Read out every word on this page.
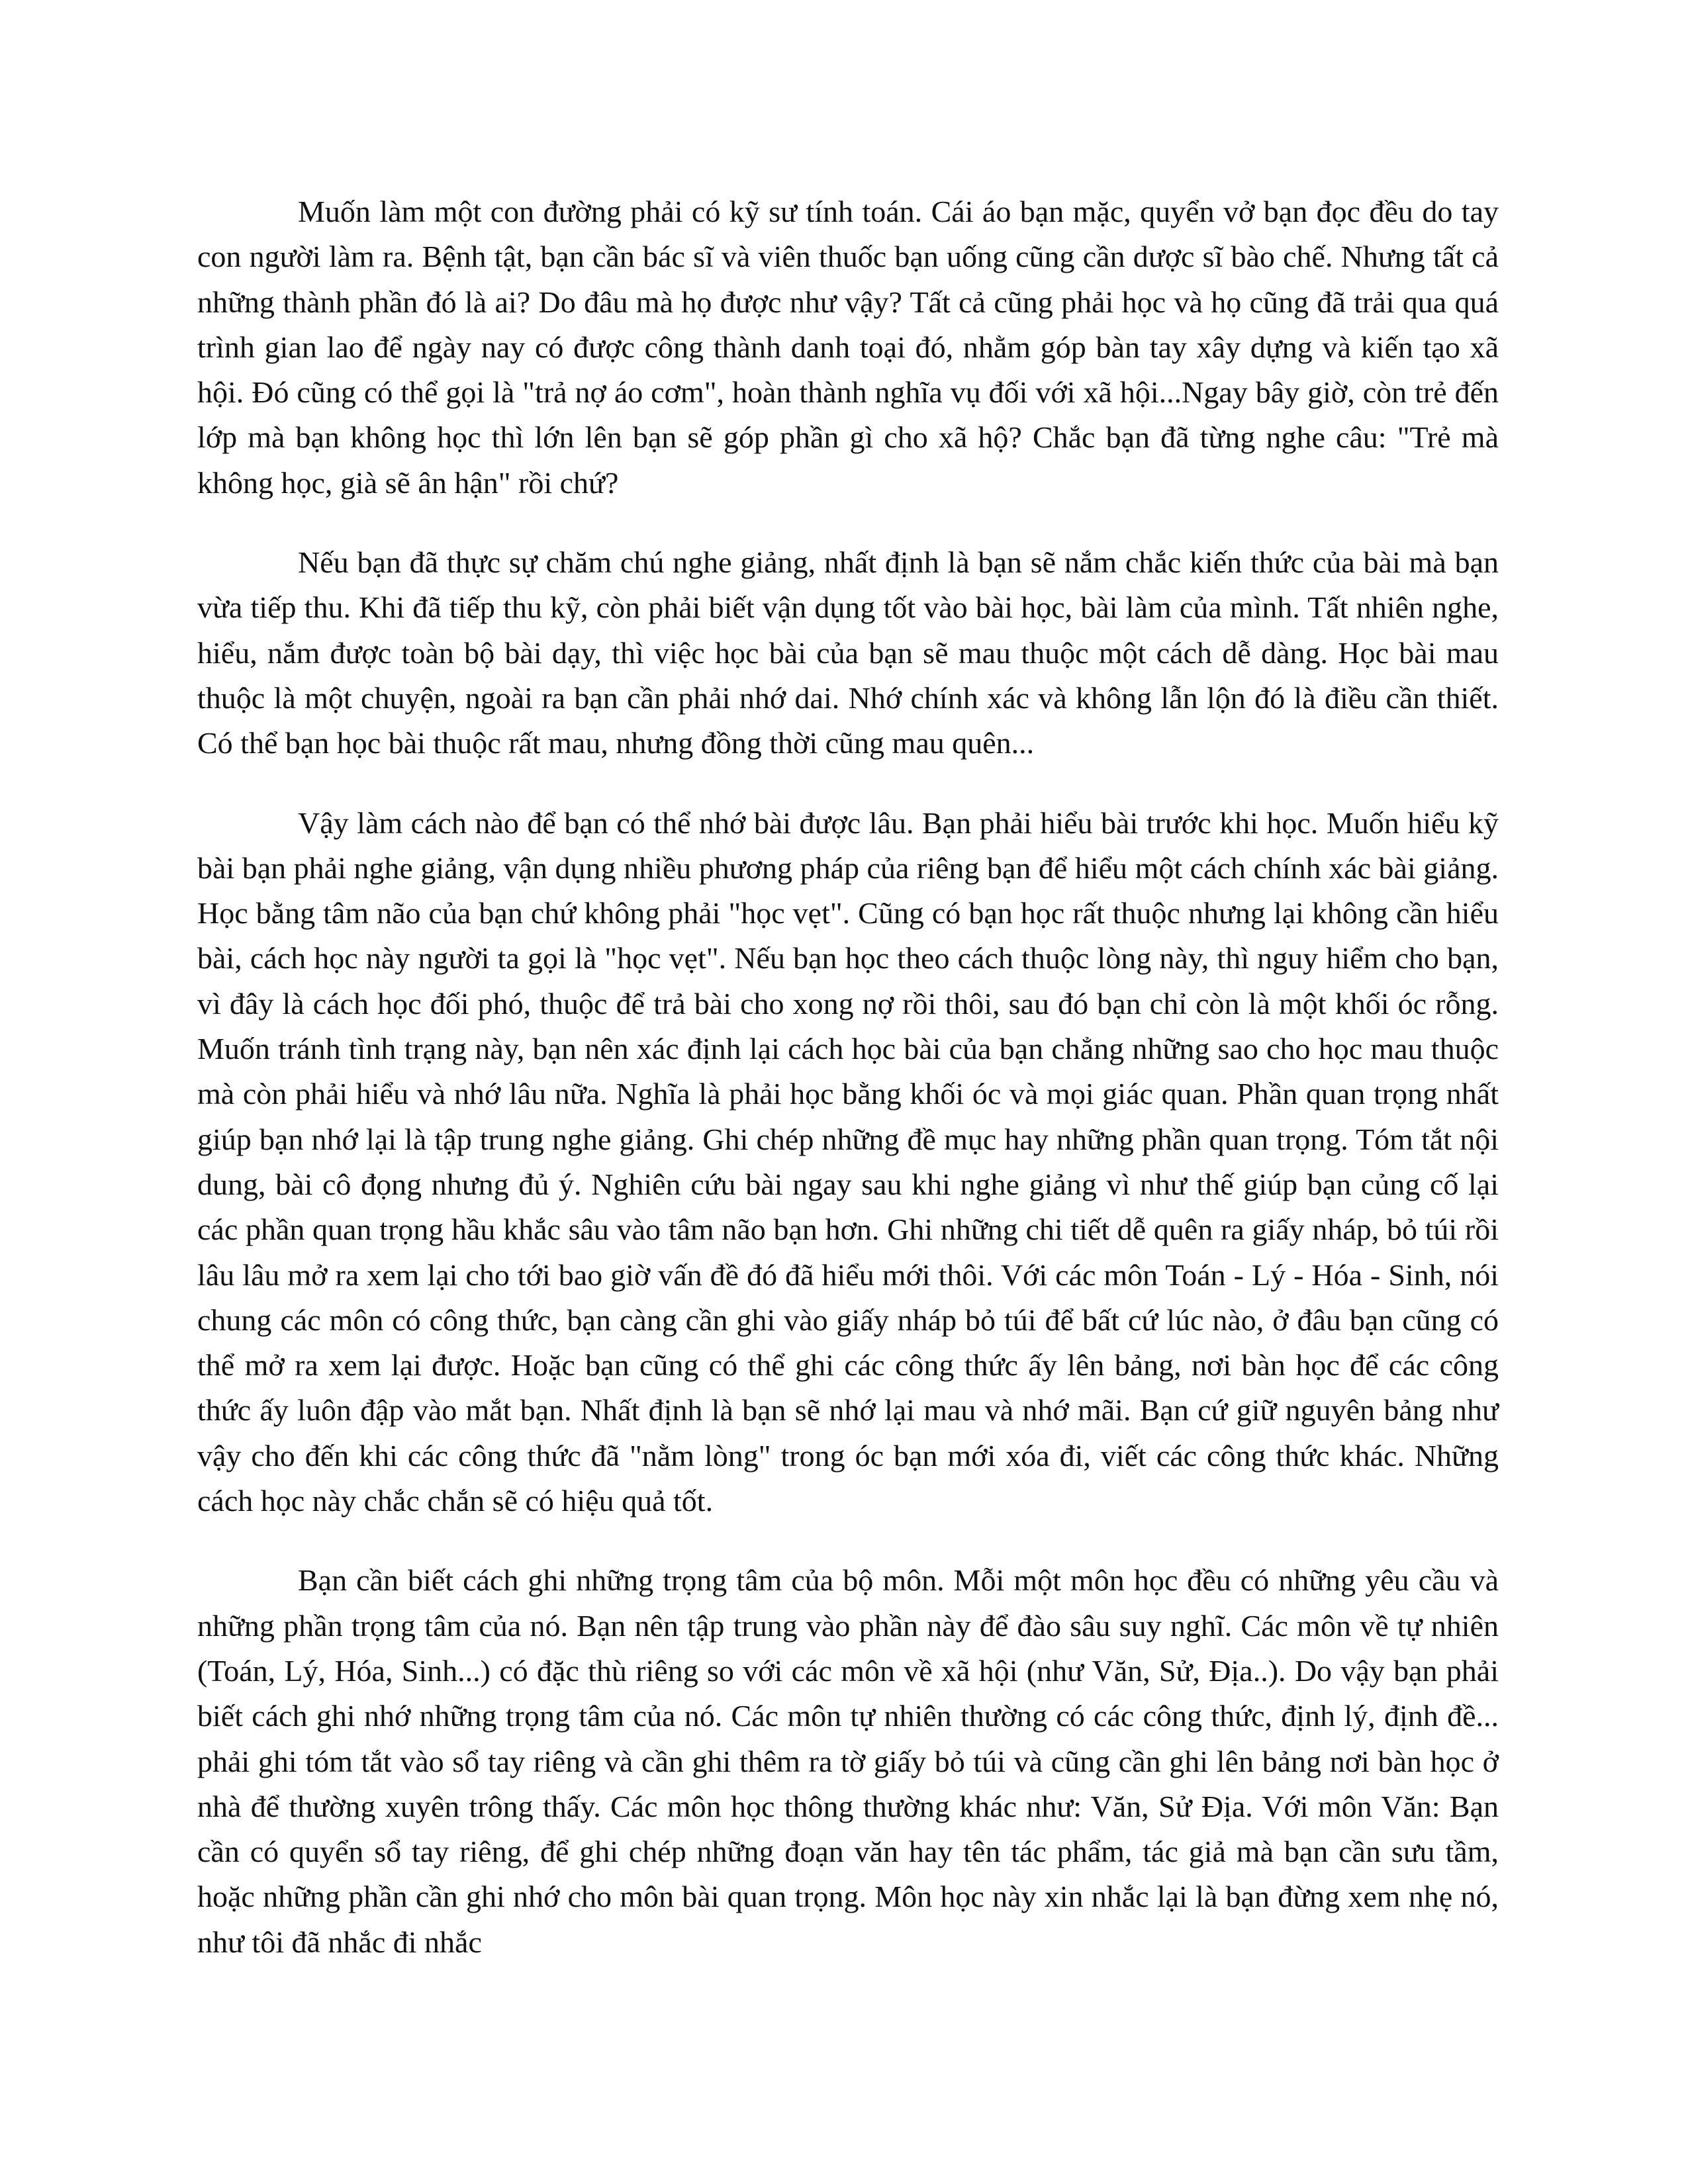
Muốn làm một con đường phải có kỹ sư tính toán. Cái áo bạn mặc, quyển vở bạn đọc đều do tay con người làm ra. Bệnh tật, bạn cần bác sĩ và viên thuốc bạn uống cũng cần dược sĩ bào chế. Nhưng tất cả những thành phần đó là ai? Do đâu mà họ được như vậy? Tất cả cũng phải học và họ cũng đã trải qua quá trình gian lao để ngày nay có được công thành danh toại đó, nhằm góp bàn tay xây dựng và kiến tạo xã hội. Đó cũng có thể gọi là "trả nợ áo cơm", hoàn thành nghĩa vụ đối với xã hội...Ngay bây giờ, còn trẻ đến lớp mà bạn không học thì lớn lên bạn sẽ góp phần gì cho xã hộ? Chắc bạn đã từng nghe câu: "Trẻ mà không học, già sẽ ân hận" rồi chứ?

Nếu bạn đã thực sự chăm chú nghe giảng, nhất định là bạn sẽ nắm chắc kiến thức của bài mà bạn vừa tiếp thu. Khi đã tiếp thu kỹ, còn phải biết vận dụng tốt vào bài học, bài làm của mình. Tất nhiên nghe, hiểu, nắm được toàn bộ bài dạy, thì việc học bài của bạn sẽ mau thuộc một cách dễ dàng. Học bài mau thuộc là một chuyện, ngoài ra bạn cần phải nhớ dai. Nhớ chính xác và không lẫn lộn đó là điều cần thiết. Có thể bạn học bài thuộc rất mau, nhưng đồng thời cũng mau quên...

Vậy làm cách nào để bạn có thể nhớ bài được lâu. Bạn phải hiểu bài trước khi học. Muốn hiểu kỹ bài bạn phải nghe giảng, vận dụng nhiều phương pháp của riêng bạn để hiểu một cách chính xác bài giảng. Học bằng tâm não của bạn chứ không phải "học vẹt". Cũng có bạn học rất thuộc nhưng lại không cần hiểu bài, cách học này người ta gọi là "học vẹt". Nếu bạn học theo cách thuộc lòng này, thì nguy hiểm cho bạn, vì đây là cách học đối phó, thuộc để trả bài cho xong nợ rồi thôi, sau đó bạn chỉ còn là một khối óc rỗng. Muốn tránh tình trạng này, bạn nên xác định lại cách học bài của bạn chẳng những sao cho học mau thuộc mà còn phải hiểu và nhớ lâu nữa. Nghĩa là phải học bằng khối óc và mọi giác quan. Phần quan trọng nhất giúp bạn nhớ lại là tập trung nghe giảng. Ghi chép những đề mục hay những phần quan trọng. Tóm tắt nội dung, bài cô đọng nhưng đủ ý. Nghiên cứu bài ngay sau khi nghe giảng vì như thế giúp bạn củng cố lại các phần quan trọng hầu khắc sâu vào tâm não bạn hơn. Ghi những chi tiết dễ quên ra giấy nháp, bỏ túi rồi lâu lâu mở ra xem lại cho tới bao giờ vấn đề đó đã hiểu mới thôi. Với các môn Toán - Lý - Hóa - Sinh, nói chung các môn có công thức, bạn càng cần ghi vào giấy nháp bỏ túi để bất cứ lúc nào, ở đâu bạn cũng có thể mở ra xem lại được. Hoặc bạn cũng có thể ghi các công thức ấy lên bảng, nơi bàn học để các công thức ấy luôn đập vào mắt bạn. Nhất định là bạn sẽ nhớ lại mau và nhớ mãi. Bạn cứ giữ nguyên bảng như vậy cho đến khi các công thức đã "nằm lòng" trong óc bạn mới xóa đi, viết các công thức khác. Những cách học này chắc chắn sẽ có hiệu quả tốt.

Bạn cần biết cách ghi những trọng tâm của bộ môn. Mỗi một môn học đều có những yêu cầu và những phần trọng tâm của nó. Bạn nên tập trung vào phần này để đào sâu suy nghĩ. Các môn về tự nhiên (Toán, Lý, Hóa, Sinh...) có đặc thù riêng so với các môn về xã hội (như Văn, Sử, Địa..). Do vậy bạn phải biết cách ghi nhớ những trọng tâm của nó. Các môn tự nhiên thường có các công thức, định lý, định đề... phải ghi tóm tắt vào sổ tay riêng và cần ghi thêm ra tờ giấy bỏ túi và cũng cần ghi lên bảng nơi bàn học ở nhà để thường xuyên trông thấy. Các môn học thông thường khác như: Văn, Sử Địa. Với môn Văn: Bạn cần có quyển sổ tay riêng, để ghi chép những đoạn văn hay tên tác phẩm, tác giả mà bạn cần sưu tầm, hoặc những phần cần ghi nhớ cho môn bài quan trọng. Môn học này xin nhắc lại là bạn đừng xem nhẹ nó, như tôi đã nhắc đi nhắc
